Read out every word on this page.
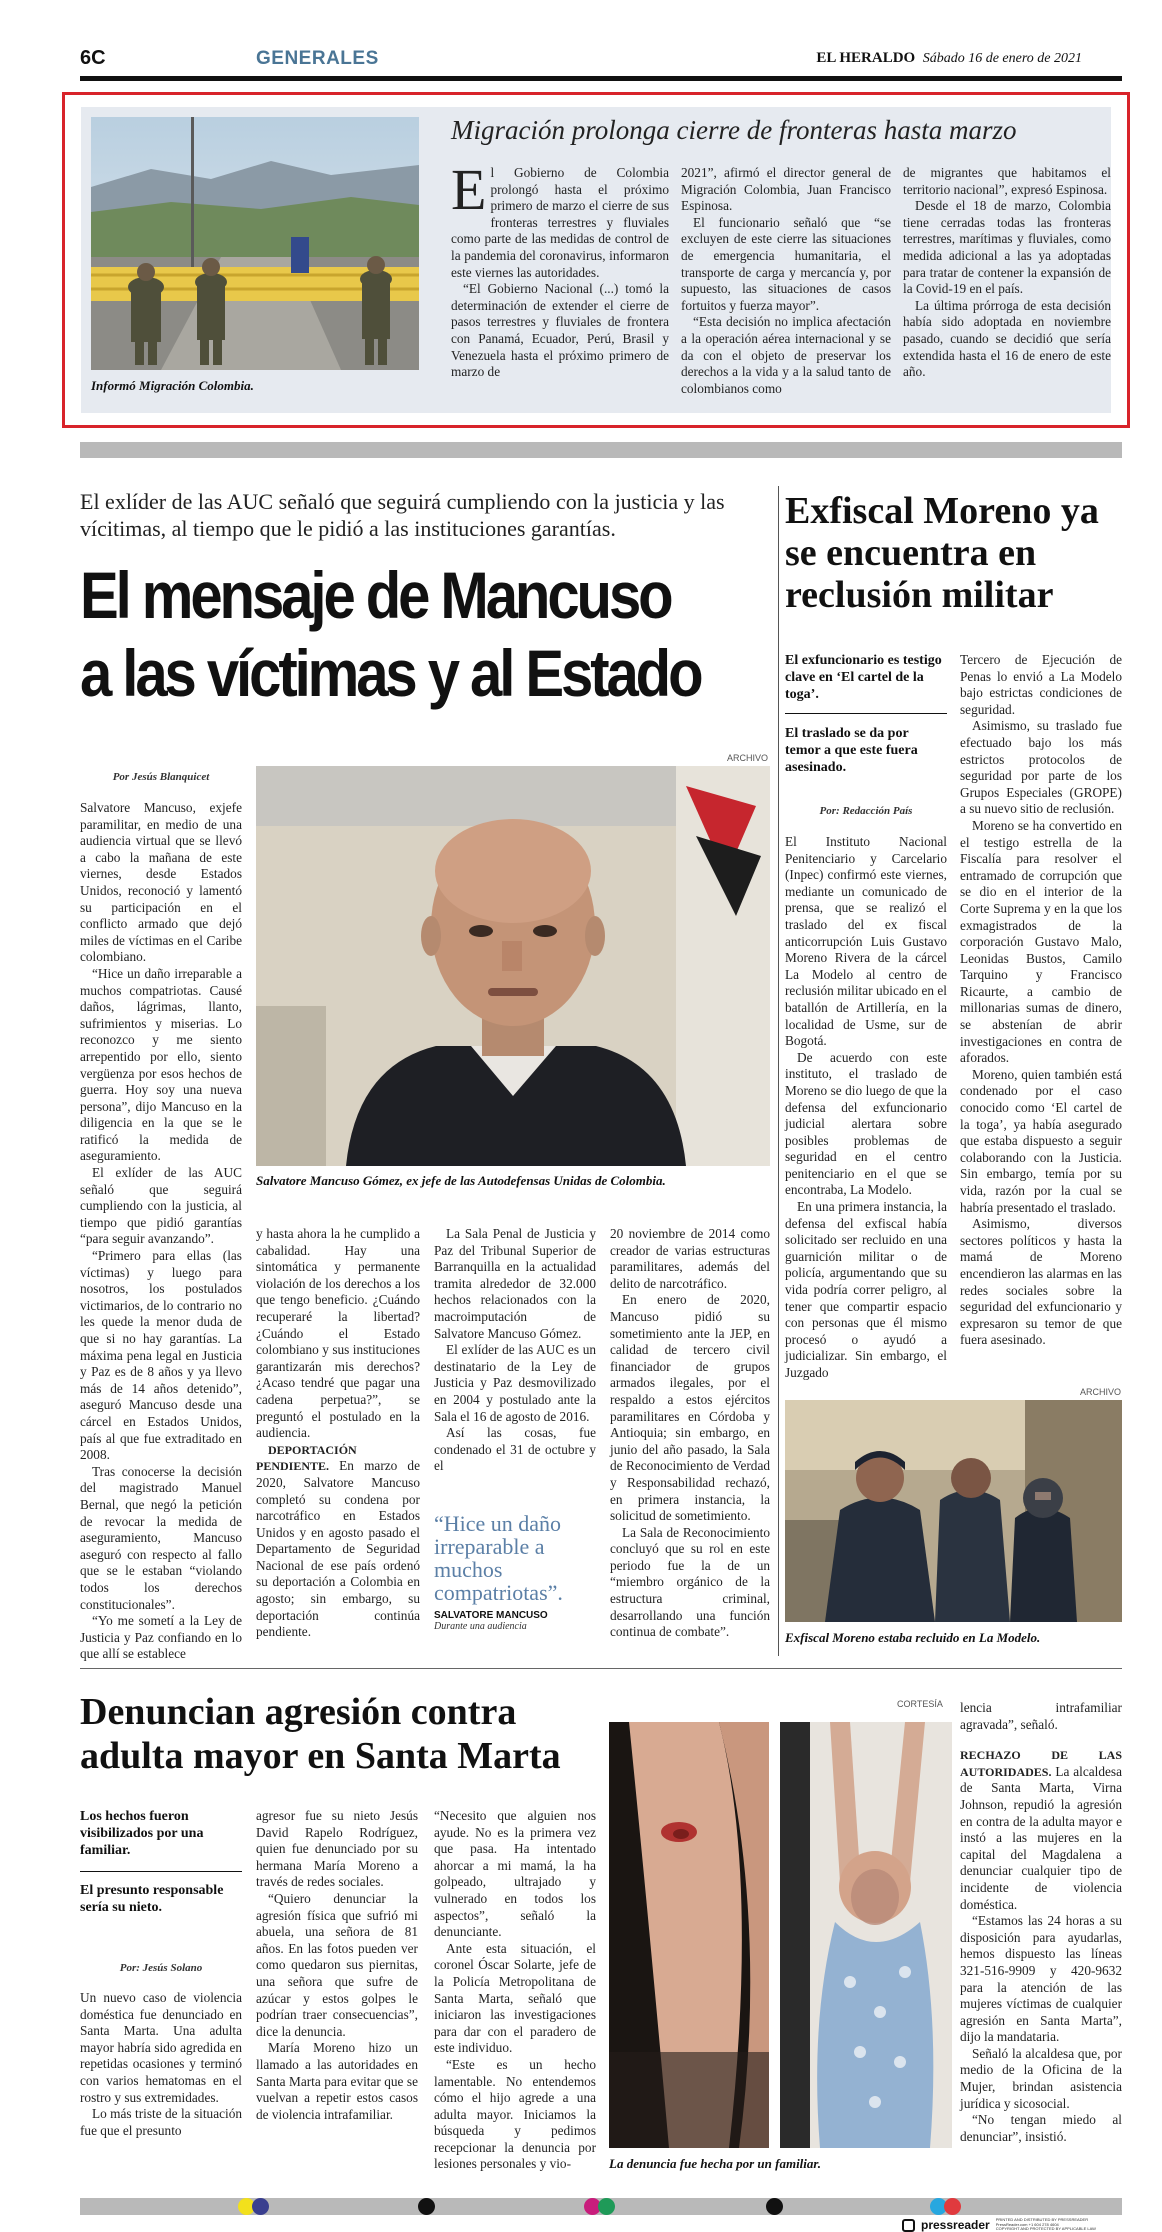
6C	GENERALES	EL HERALDO Sábado 16 de enero de 2021
Informó Migración Colombia.
Migración prolonga cierre de fronteras hasta marzo
E l Gobierno de Colombia prolongó hasta el próximo primero de marzo el cierre de sus fronteras terrestres y fluviales como parte de las medidas de control de la pandemia del coronavirus, informaron este viernes las autoridades.

“El Gobierno Nacional (...) tomó la determinación de extender el cierre de pasos terrestres y fluviales de frontera con Panamá, Ecuador, Perú, Brasil y Venezuela hasta el próximo primero de marzo de

2021”, afirmó el director general de Migración Colombia, Juan Francisco Espinosa.

El funcionario señaló que “se excluyen de este cierre las situaciones de emergencia humanitaria, el transporte de carga y mercancía y, por supuesto, las situaciones de casos fortuitos y fuerza mayor”.

“Esta decisión no implica afectación a la operación aérea internacional y se da con el objeto de preservar los derechos a la vida y a la salud tanto de colombianos como

de migrantes que habitamos el territorio nacional”, expresó Espinosa.

Desde el 18 de marzo, Colombia tiene cerradas todas las fronteras terrestres, marítimas y fluviales, como medida adicional a las ya adoptadas para tratar de contener la expansión de la Covid-19 en el país.

La última prórroga de esta decisión había sido adoptada en noviembre pasado, cuando se decidió que sería extendida hasta el 16 de enero de este año.

El exlíder de las AUC señaló que seguirá cumpliendo con la justicia y las vícitimas, al tiempo que le pidió a las instituciones garantías.
El mensaje de Mancuso
a las víctimas y al Estado
ARCHIVO
Salvatore Mancuso Gómez, ex jefe de las Autodefensas Unidas de Colombia.
Por Jesús Blanquicet

Salvatore Mancuso, exjefe paramilitar, en medio de una audiencia virtual que se llevó a cabo la mañana de este viernes, desde Estados Unidos, reconoció y lamentó su participación en el conflicto armado que dejó miles de víctimas en el Caribe colombiano.

“Hice un daño irreparable a muchos compatriotas. Causé daños, lágrimas, llanto, sufrimientos y miserias. Lo reconozco y me siento arrepentido por ello, siento vergüenza por esos hechos de guerra. Hoy soy una nueva persona”, dijo Mancuso en la diligencia en la que se le ratificó la medida de aseguramiento.

El exlíder de las AUC señaló que seguirá cumpliendo con la justicia, al tiempo que pidió garantías “para seguir avanzando”.

“Primero para ellas (las víctimas) y luego para nosotros, los postulados victimarios, de lo contrario no les quede la menor duda de que si no hay garantías. La máxima pena legal en Justicia y Paz es de 8 años y ya llevo más de 14 años detenido”, aseguró Mancuso desde una cárcel en Estados Unidos, país al que fue extraditado en 2008.

Tras conocerse la decisión del magistrado Manuel Bernal, que negó la petición de revocar la medida de aseguramiento, Mancuso aseguró con respecto al fallo que se le estaban “violando todos los derechos constitucionales”.

“Yo me sometí a la Ley de Justicia y Paz confiando en lo que allí se establece

y hasta ahora la he cumplido a cabalidad. Hay una sintomática y permanente violación de los derechos a los que tengo beneficio. ¿Cuándo recuperaré la libertad? ¿Cuándo el Estado colombiano y sus instituciones garantizarán mis derechos? ¿Acaso tendré que pagar una cadena perpetua?”, se preguntó el postulado en la audiencia.

DEPORTACIÓN PENDIENTE. En marzo de 2020, Salvatore Mancuso completó su condena por narcotráfico en Estados Unidos y en agosto pasado el Departamento de Seguridad Nacional de ese país ordenó su deportación a Colombia en agosto; sin embargo, su deportación continúa pendiente.

La Sala Penal de Justicia y Paz del Tribunal Superior de Barranquilla en la actualidad tramita alrededor de 32.000 hechos relacionados con la macroimputación de Salvatore Mancuso Gómez.

El exlíder de las AUC es un destinatario de la Ley de Justicia y Paz desmovilizado en 2004 y postulado ante la Sala el 16 de agosto de 2016.

Así las cosas, fue condenado el 31 de octubre y el

“Hice un daño irreparable a muchos compatriotas”.
SALVATORE MANCUSO
Durante una audiencia

20 noviembre de 2014 como creador de varias estructuras paramilitares, además del delito de narcotráfico.

En enero de 2020, Mancuso pidió su sometimiento ante la JEP, en calidad de tercero civil financiador de grupos armados ilegales, por el respaldo a estos ejércitos paramilitares en Córdoba y Antioquia; sin embargo, en junio del año pasado, la Sala de Reconocimiento de Verdad y Responsabilidad rechazó, en primera instancia, la solicitud de sometimiento.

La Sala de Reconocimiento concluyó que su rol en este periodo fue la de un “miembro orgánico de la estructura criminal, desarrollando una función continua de combate”.

Exfiscal Moreno ya se encuentra en reclusión militar
El exfuncionario es testigo clave en ‘El cartel de la toga’.
El traslado se da por temor a que este fuera asesinado.
Por: Redacción País

El Instituto Nacional Penitenciario y Carcelario (Inpec) confirmó este viernes, mediante un comunicado de prensa, que se realizó el traslado del ex fiscal anticorrupción Luis Gustavo Moreno Rivera de la cárcel La Modelo al centro de reclusión militar ubicado en el batallón de Artillería, en la localidad de Usme, sur de Bogotá.

De acuerdo con este instituto, el traslado de Moreno se dio luego de que la defensa del exfuncionario judicial alertara sobre posibles problemas de seguridad en el centro penitenciario en el que se encontraba, La Modelo.

En una primera instancia, la defensa del exfiscal había solicitado ser recluido en una guarnición militar o de policía, argumentando que su vida podría correr peligro, al tener que compartir espacio con personas que él mismo procesó o ayudó a judicializar. Sin embargo, el Juzgado

Tercero de Ejecución de Penas lo envió a La Modelo bajo estrictas condiciones de seguridad.

Asimismo, su traslado fue efectuado bajo los más estrictos protocolos de seguridad por parte de los Grupos Especiales (GROPE) a su nuevo sitio de reclusión.

Moreno se ha convertido en el testigo estrella de la Fiscalía para resolver el entramado de corrupción que se dio en el interior de la Corte Suprema y en la que los exmagistrados de la corporación Gustavo Malo, Leonidas Bustos, Camilo Tarquino y Francisco Ricaurte, a cambio de millonarias sumas de dinero, se abstenían de abrir investigaciones en contra de aforados.

Moreno, quien también está condenado por el caso conocido como ‘El cartel de la toga’, ya había asegurado que estaba dispuesto a seguir colaborando con la Justicia. Sin embargo, temía por su vida, razón por la cual se habría presentado el traslado.

Asimismo, diversos sectores políticos y hasta la mamá de Moreno encendieron las alarmas en las redes sociales sobre la seguridad del exfuncionario y expresaron su temor de que fuera asesinado.

ARCHIVO
Exfiscal Moreno estaba recluido en La Modelo.
Denuncian agresión contra adulta mayor en Santa Marta
Los hechos fueron visibilizados por una familiar.
El presunto responsable sería su nieto.
Por: Jesús Solano

Un nuevo caso de violencia doméstica fue denunciado en Santa Marta. Una adulta mayor habría sido agredida en repetidas ocasiones y terminó con varios hematomas en el rostro y sus extremidades.

Lo más triste de la situación fue que el presunto

agresor fue su nieto Jesús David Rapelo Rodríguez, quien fue denunciado por su hermana María Moreno a través de redes sociales.

“Quiero denunciar la agresión física que sufrió mi abuela, una señora de 81 años. En las fotos pueden ver como quedaron sus piernitas, una señora que sufre de azúcar y estos golpes le podrían traer consecuencias”, dice la denuncia.

María Moreno hizo un llamado a las autoridades en Santa Marta para evitar que se vuelvan a repetir estos casos de violencia intrafamiliar.

“Necesito que alguien nos ayude. No es la primera vez que pasa. Ha intentado ahorcar a mi mamá, la ha golpeado, ultrajado y vulnerado en todos los aspectos”, señaló la denunciante.

Ante esta situación, el coronel Óscar Solarte, jefe de la Policía Metropolitana de Santa Marta, señaló que iniciaron las investigaciones para dar con el paradero de este individuo.

“Este es un hecho lamentable. No entendemos cómo el hijo agrede a una adulta mayor. Iniciamos la búsqueda y pedimos recepcionar la denuncia por lesiones personales y vio-

CORTESÍA
La denuncia fue hecha por un familiar.

lencia intrafamiliar agravada”, señaló.

RECHAZO DE LAS AUTORIDADES. La alcaldesa de Santa Marta, Virna Johnson, repudió la agresión en contra de la adulta mayor e instó a las mujeres en la capital del Magdalena a denunciar cualquier tipo de incidente de violencia doméstica.

“Estamos las 24 horas a su disposición para ayudarlas, hemos dispuesto las líneas 321-516-9909 y 420-9632 para la atención de las mujeres víctimas de cualquier agresión en Santa Marta”, dijo la mandataria.

Señaló la alcaldesa que, por medio de la Oficina de la Mujer, brindan asistencia jurídica y sicosocial.

“No tengan miedo al denunciar”, insistió.

pressreader PRINTED AND DISTRIBUTED BY PRESSREADER
PressReader.com +1 604 278 4604
COPYRIGHT AND PROTECTED BY APPLICABLE LAW
